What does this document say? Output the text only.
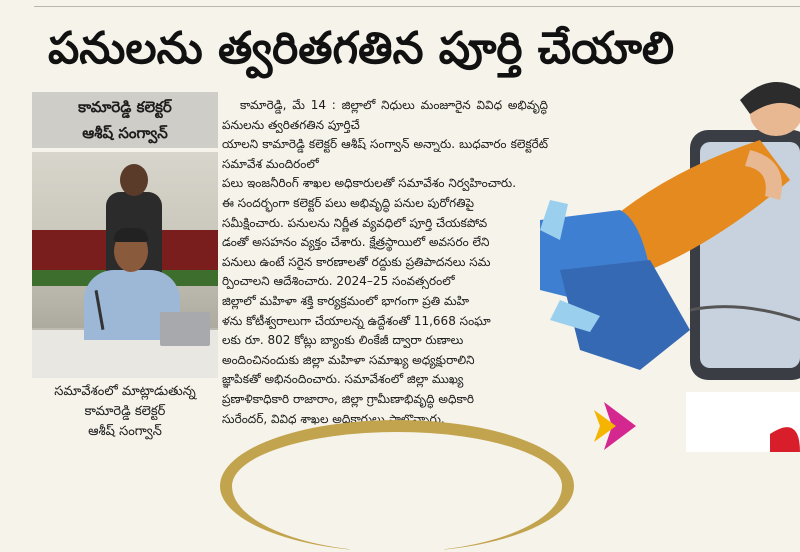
పనులను త్వరితగతిన పూర్తి చేయాలి
కామారెడ్డి కలెక్టర్
ఆశీష్ సంగ్వాన్
సమావేశంలో మాట్లాడుతున్న
కామారెడ్డి కలెక్టర్
ఆశీష్ సంగ్వాన్

కామారెడ్డి, మే 14 : జిల్లాలో నిధులు మంజూరైన వివిధ అభివృద్ధి పనులను త్వరితగతిన పూర్తిచే

యాలని కామారెడ్డి కలెక్టర్ ఆశీష్ సంగ్వాన్ అన్నారు. బుధవారం కలెక్టరేట్ సమావేశ మందిరంలో

పలు ఇంజనీరింగ్ శాఖల అధికారులతో సమావేశం నిర్వహించారు.

ఈ సందర్భంగా కలెక్టర్ పలు అభివృద్ధి పనుల పురోగతిపై

సమీక్షించారు. పనులను నిర్ణీత వ్యవధిలో పూర్తి చేయకపోవ

డంతో అసహనం వ్యక్తం చేశారు. క్షేత్రస్థాయిలో అవసరం లేని

పనులు ఉంటే సరైన కారణాలతో రద్దుకు ప్రతిపాదనలు సమ

ర్పించాలని ఆదేశించారు. 2024–25 సంవత్సరంలో

జిల్లాలో మహిళా శక్తి కార్యక్రమంలో భాగంగా ప్రతి మహి

ళను కోటీశ్వరాలుగా చేయాలన్న ఉద్దేశంతో 11,668 సంఘా

లకు రూ. 802 కోట్లు బ్యాంకు లింకేజీ ద్వారా రుణాలు

అందించినందుకు జిల్లా మహిళా సమాఖ్య అధ్యక్షురాలిని

జ్ఞాపికతో అభినందించారు. సమావేశంలో జిల్లా ముఖ్య

ప్రణాళికాధికారి రాజారాం, జిల్లా గ్రామీణాభివృద్ధి అధికారి

సురేందర్, వివిధ శాఖల అధికారులు పాల్గొన్నారు.
